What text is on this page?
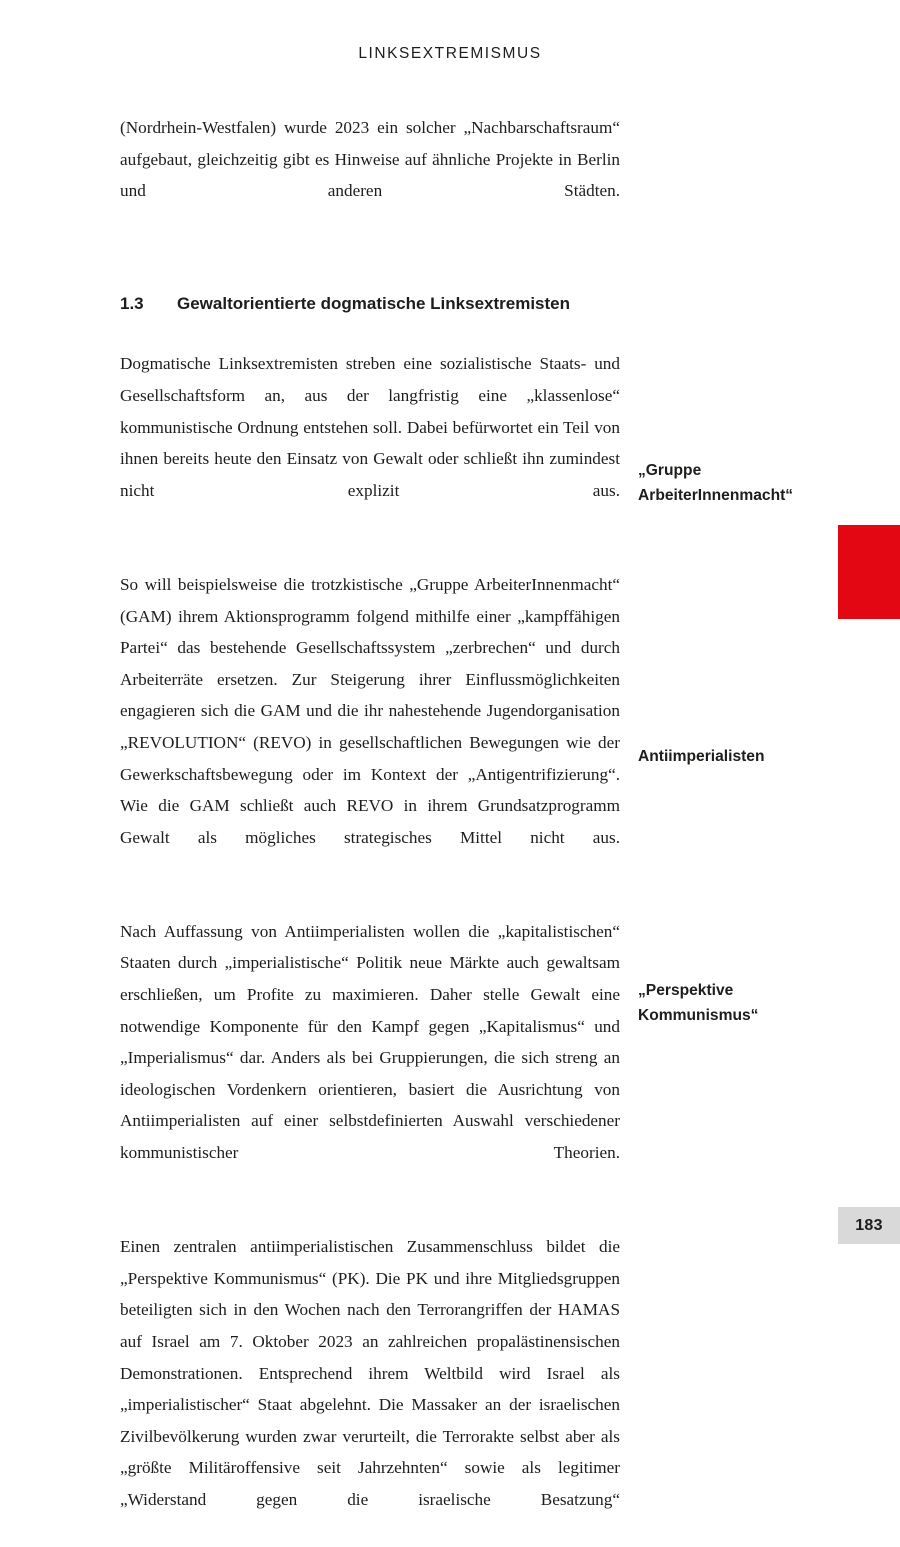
LINKSEXTREMISMUS

(Nordrhein-Westfalen) wurde 2023 ein solcher „Nachbarschaftsraum“ aufgebaut, gleichzeitig gibt es Hinweise auf ähnliche Projekte in Berlin und anderen Städten.

1.3	Gewaltorientierte dogmatische Linksextremisten

Dogmatische Linksextremisten streben eine sozialistische Staats- und Gesellschaftsform an, aus der langfristig eine „klassenlose“ kommunistische Ordnung entstehen soll. Dabei befürwortet ein Teil von ihnen bereits heute den Einsatz von Gewalt oder schließt ihn zumindest nicht explizit aus.

So will beispielsweise die trotzkistische „Gruppe ArbeiterInnenmacht“ (GAM) ihrem Aktionsprogramm folgend mithilfe einer „kampffähigen Partei“ das bestehende Gesellschaftssystem „zerbrechen“ und durch Arbeiterräte ersetzen. Zur Steigerung ihrer Einflussmöglichkeiten engagieren sich die GAM und die ihr nahestehende Jugendorganisation „REVOLUTION“ (REVO) in gesellschaftlichen Bewegungen wie der Gewerkschaftsbewegung oder im Kontext der „Antigentrifizierung“. Wie die GAM schließt auch REVO in ihrem Grundsatzprogramm Gewalt als mögliches strategisches Mittel nicht aus.

Nach Auffassung von Antiimperialisten wollen die „kapitalistischen“ Staaten durch „imperialistische“ Politik neue Märkte auch gewaltsam erschließen, um Profite zu maximieren. Daher stelle Gewalt eine notwendige Komponente für den Kampf gegen „Kapitalismus“ und „Imperialismus“ dar. Anders als bei Gruppierungen, die sich streng an ideologischen Vordenkern orientieren, basiert die Ausrichtung von Antiimperialisten auf einer selbstdefinierten Auswahl verschiedener kommunistischer Theorien.

Einen zentralen antiimperialistischen Zusammenschluss bildet die „Perspektive Kommunismus“ (PK). Die PK und ihre Mitgliedsgruppen beteiligten sich in den Wochen nach den Terrorangriffen der HAMAS auf Israel am 7. Oktober 2023 an zahlreichen propalästinensischen Demonstrationen. Entsprechend ihrem Weltbild wird Israel als „imperialistischer“ Staat abgelehnt. Die Massaker an der israelischen Zivilbevölkerung wurden zwar verurteilt, die Terrorakte selbst aber als „größte Militäroffensive seit Jahrzehnten“ sowie als legitimer „Widerstand gegen die israelische Besatzung“

„Gruppe
ArbeiterInnenmacht“
Antiimperialisten
„Perspektive
Kommunismus“
183
